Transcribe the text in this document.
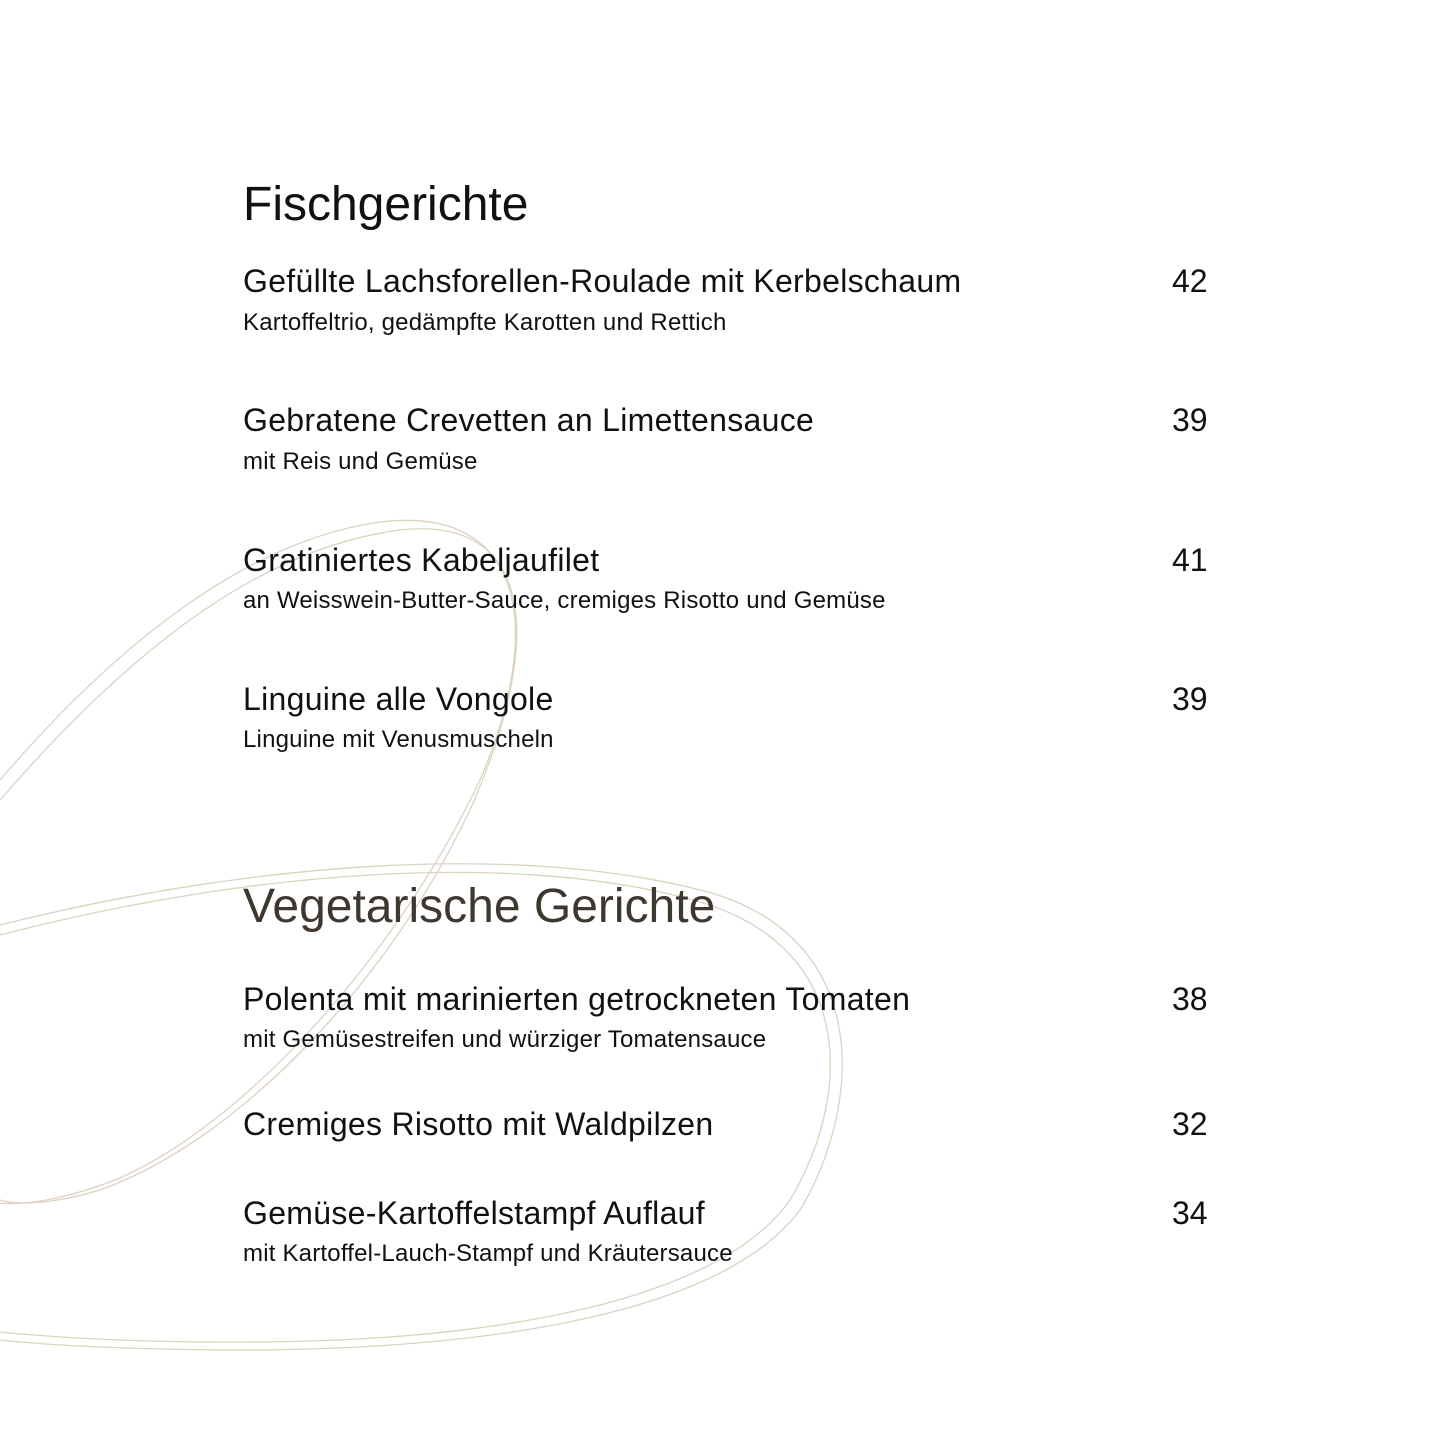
Fischgerichte
Gefüllte Lachsforellen-Roulade mit Kerbelschaum	42
Kartoffeltrio, gedämpfte Karotten und Rettich
Gebratene Crevetten an Limettensauce	39
mit Reis und Gemüse
Gratiniertes Kabeljaufilet	41
an Weisswein-Butter-Sauce, cremiges Risotto und Gemüse
Linguine alle Vongole	39
Linguine mit Venusmuscheln
Vegetarische Gerichte
Polenta mit marinierten getrockneten Tomaten	38
mit Gemüsestreifen und würziger Tomatensauce
Cremiges Risotto mit Waldpilzen	32
Gemüse-Kartoffelstampf Auflauf	34
mit Kartoffel-Lauch-Stampf und Kräutersauce
